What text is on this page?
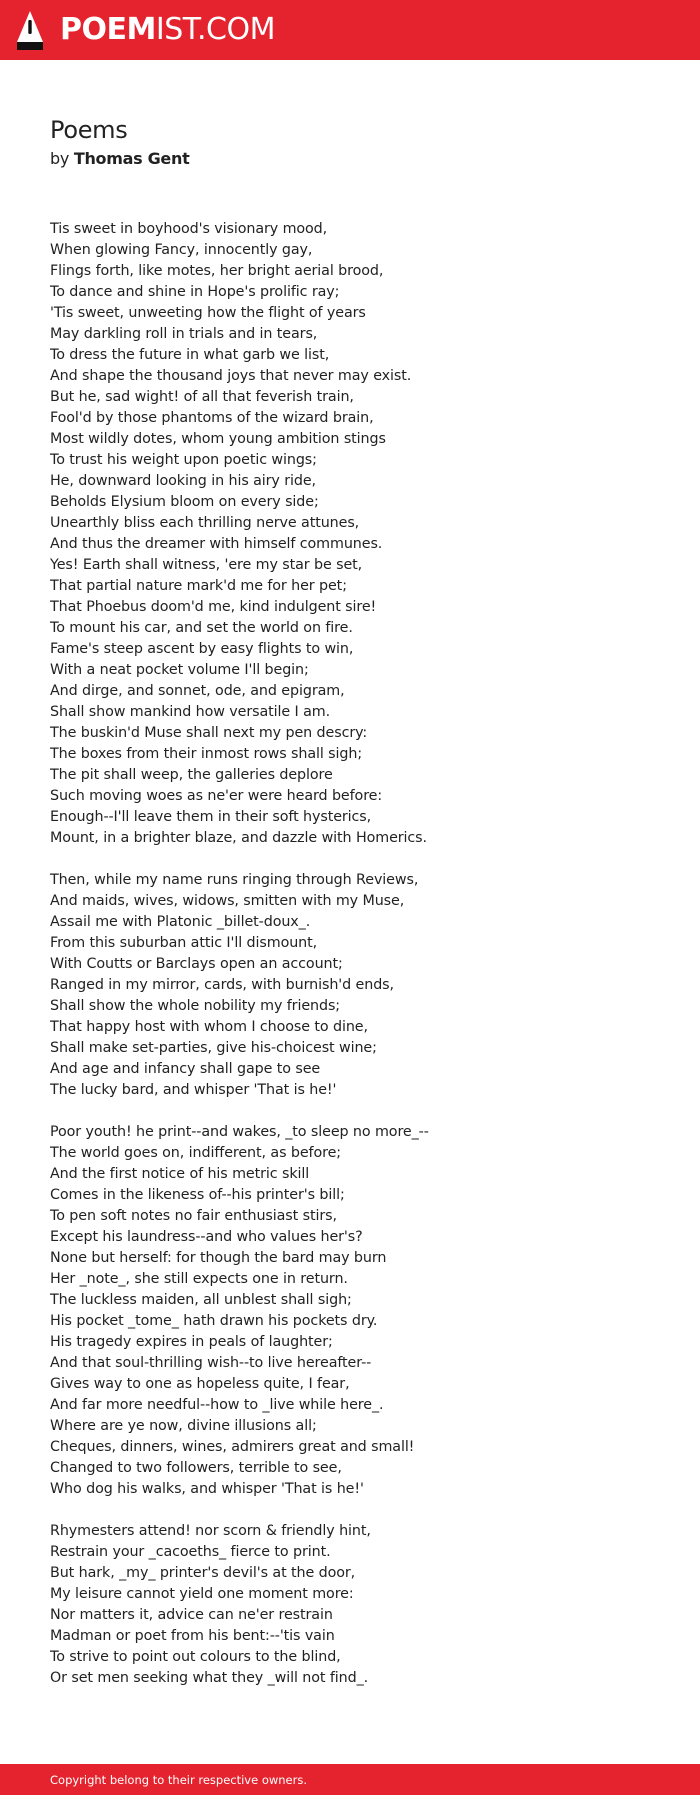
POEMIST.COM
Poems
by Thomas Gent
Tis sweet in boyhood's visionary mood,
When glowing Fancy, innocently gay,
Flings forth, like motes, her bright aerial brood,
To dance and shine in Hope's prolific ray;
'Tis sweet, unweeting how the flight of years
May darkling roll in trials and in tears,
To dress the future in what garb we list,
And shape the thousand joys that never may exist.
But he, sad wight! of all that feverish train,
Fool'd by those phantoms of the wizard brain,
Most wildly dotes, whom young ambition stings
To trust his weight upon poetic wings;
He, downward looking in his airy ride,
Beholds Elysium bloom on every side;
Unearthly bliss each thrilling nerve attunes,
And thus the dreamer with himself communes.
Yes! Earth shall witness, 'ere my star be set,
That partial nature mark'd me for her pet;
That Phoebus doom'd me, kind indulgent sire!
To mount his car, and set the world on fire.
Fame's steep ascent by easy flights to win,
With a neat pocket volume I'll begin;
And dirge, and sonnet, ode, and epigram,
Shall show mankind how versatile I am.
The buskin'd Muse shall next my pen descry:
The boxes from their inmost rows shall sigh;
The pit shall weep, the galleries deplore
Such moving woes as ne'er were heard before:
Enough--I'll leave them in their soft hysterics,
Mount, in a brighter blaze, and dazzle with Homerics.
Then, while my name runs ringing through Reviews,
And maids, wives, widows, smitten with my Muse,
Assail me with Platonic _billet-doux_.
From this suburban attic I'll dismount,
With Coutts or Barclays open an account;
Ranged in my mirror, cards, with burnish'd ends,
Shall show the whole nobility my friends;
That happy host with whom I choose to dine,
Shall make set-parties, give his-choicest wine;
And age and infancy shall gape to see
The lucky bard, and whisper 'That is he!'
Poor youth! he print--and wakes, _to sleep no more_--
The world goes on, indifferent, as before;
And the first notice of his metric skill
Comes in the likeness of--his printer's bill;
To pen soft notes no fair enthusiast stirs,
Except his laundress--and who values her's?
None but herself: for though the bard may burn
Her _note_, she still expects one in return.
The luckless maiden, all unblest shall sigh;
His pocket _tome_ hath drawn his pockets dry.
His tragedy expires in peals of laughter;
And that soul-thrilling wish--to live hereafter--
Gives way to one as hopeless quite, I fear,
And far more needful--how to _live while here_.
Where are ye now, divine illusions all;
Cheques, dinners, wines, admirers great and small!
Changed to two followers, terrible to see,
Who dog his walks, and whisper 'That is he!'
Rhymesters attend! nor scorn & friendly hint,
Restrain your _cacoeths_ fierce to print.
But hark, _my_ printer's devil's at the door,
My leisure cannot yield one moment more:
Nor matters it, advice can ne'er restrain
Madman or poet from his bent:--'tis vain
To strive to point out colours to the blind,
Or set men seeking what they _will not find_.
Copyright belong to their respective owners.
